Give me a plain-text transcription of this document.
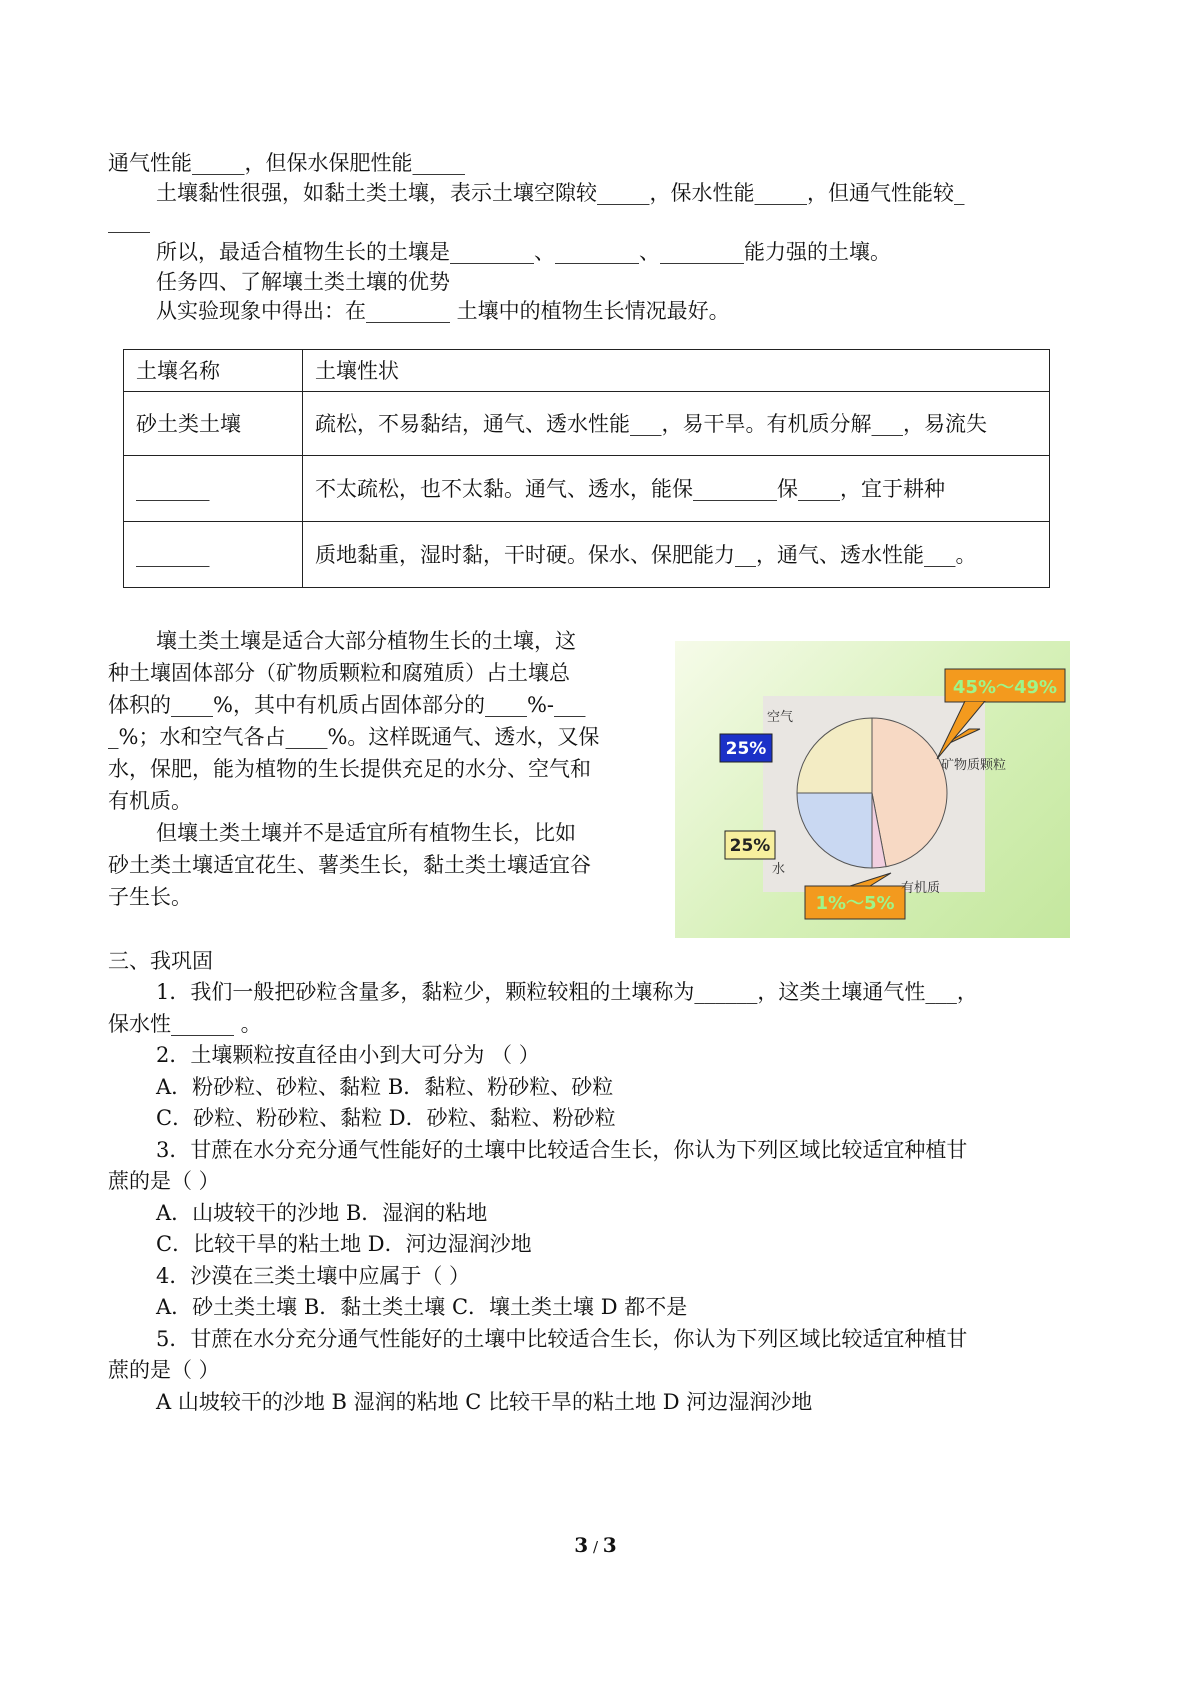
通气性能_____，但保水保肥性能_____
土壤黏性很强，如黏土类土壤，表示土壤空隙较_____，保水性能_____，但通气性能较_
____
所以，最适合植物生长的土壤是________、________、________能力强的土壤。
任务四、了解壤土类土壤的优势
从实验现象中得出：在________ 土壤中的植物生长情况最好。
土壤名称	土壤性状
砂土类土壤	疏松，不易黏结，通气、透水性能___，易干旱。有机质分解___，易流失
_______	不太疏松，也不太黏。通气、透水，能保________保____，宜于耕种
_______	质地黏重，湿时黏，干时硬。保水、保肥能力__，通气、透水性能___。
壤土类土壤是适合大部分植物生长的土壤，这
种土壤固体部分（矿物质颗粒和腐殖质）占土壤总
体积的____%，其中有机质占固体部分的____%-___
_%；水和空气各占____%。这样既通气、透水，又保
水，保肥，能为植物的生长提供充足的水分、空气和
有机质。
但壤土类土壤并不是适宜所有植物生长，比如
砂土类土壤适宜花生、薯类生长，黏土类土壤适宜谷
子生长。
45%～49%
1%～5%
25%
25%
空气
水
有机质
矿物质颗粒
三、我巩固
1．我们一般把砂粒含量多，黏粒少，颗粒较粗的土壤称为______，这类土壤通气性___，
保水性______ 。
2．土壤颗粒按直径由小到大可分为 （ ）
A．粉砂粒、砂粒、黏粒 B．黏粒、粉砂粒、砂粒
C．砂粒、粉砂粒、黏粒 D．砂粒、黏粒、粉砂粒
3．甘蔗在水分充分通气性能好的土壤中比较适合生长，你认为下列区域比较适宜种植甘
蔗的是（ ）
A．山坡较干的沙地 B．湿润的粘地
C．比较干旱的粘土地 D．河边湿润沙地
4．沙漠在三类土壤中应属于（ ）
A．砂土类土壤 B．黏土类土壤 C．壤土类土壤 D 都不是
5．甘蔗在水分充分通气性能好的土壤中比较适合生长，你认为下列区域比较适宜种植甘
蔗的是（ ）
A 山坡较干的沙地 B 湿润的粘地 C 比较干旱的粘土地 D 河边湿润沙地
3 / 3
